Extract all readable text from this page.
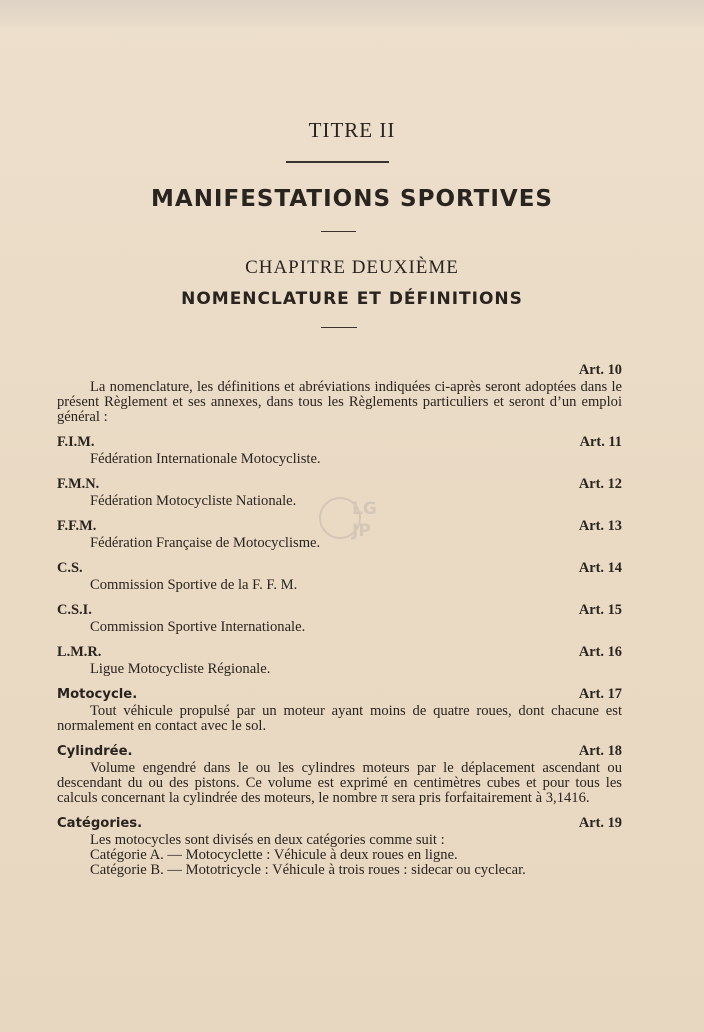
TITRE II
MANIFESTATIONS SPORTIVES
CHAPITRE DEUXIÈME
NOMENCLATURE ET DÉFINITIONS
LG
JP
Art. 10
La nomenclature, les définitions et abréviations indiquées ci-après seront adoptées dans le présent Règlement et ses annexes, dans tous les Règlements particuliers et seront d’un emploi général :
F.I.M.	Art. 11
Fédération Internationale Motocycliste.
F.M.N.	Art. 12
Fédération Motocycliste Nationale.
F.F.M.	Art. 13
Fédération Française de Motocyclisme.
C.S.	Art. 14
Commission Sportive de la F. F. M.
C.S.I.	Art. 15
Commission Sportive Internationale.
L.M.R.	Art. 16
Ligue Motocycliste Régionale.
Motocycle.	Art. 17
Tout véhicule propulsé par un moteur ayant moins de quatre roues, dont chacune est normalement en contact avec le sol.
Cylindrée.	Art. 18
Volume engendré dans le ou les cylindres moteurs par le déplacement ascendant ou descendant du ou des pistons. Ce volume est exprimé en centimètres cubes et pour tous les calculs concernant la cylindrée des moteurs, le nombre π sera pris forfaitairement à 3,1416.
Catégories.	Art. 19
Les motocycles sont divisés en deux catégories comme suit :
Catégorie A. — Motocyclette : Véhicule à deux roues en ligne.
Catégorie B. — Mototricycle : Véhicule à trois roues : sidecar ou cyclecar.
